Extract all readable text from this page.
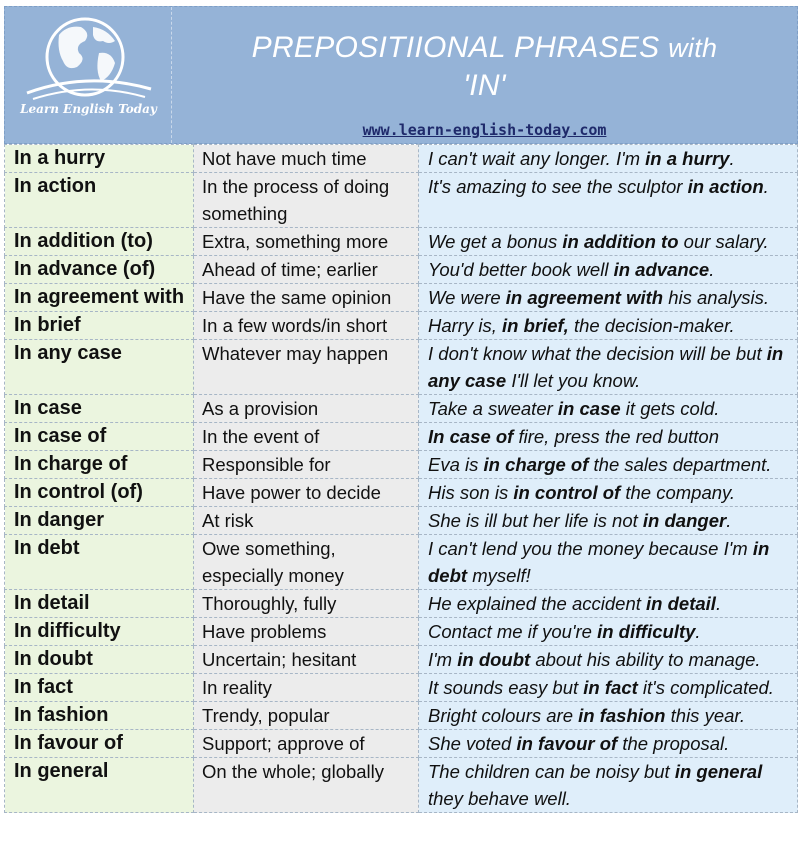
Learn English Today
PREPOSITIIONAL PHRASES with
'IN'
www.learn-english-today.com
In a hurry	Not have much time	I can't wait any longer. I'm in a hurry.
In action	In the process of doing something	It's amazing to see the sculptor in action.
In addition (to)	Extra, something more	We get a bonus in addition to our salary.
In advance (of)	Ahead of time; earlier	You'd better book well in advance.
In agreement with	Have the same opinion	We were in agreement with his analysis.
In brief	In a few words/in short	Harry is, in brief, the decision-maker.
In any case	Whatever may happen	I don't know what the decision will be but in any case I'll let you know.
In case	As a provision	Take a sweater in case it gets cold.
In case of	In the event of	In case of fire, press the red button
In charge of	Responsible for	Eva is in charge of the sales department.
In control (of)	Have power to decide	His son is in control of the company.
In danger	At risk	She is ill but her life is not in danger.
In debt	Owe something, especially money	I can't lend you the money because I'm in debt myself!
In detail	Thoroughly, fully	He explained the accident in detail.
In difficulty	Have problems	Contact me if you're in difficulty.
In doubt	Uncertain; hesitant	I'm in doubt about his ability to manage.
In fact	In reality	It sounds easy but in fact it's complicated.
In fashion	Trendy, popular	Bright colours are in fashion this year.
In favour of	Support; approve of	She voted in favour of the proposal.
In general	On the whole; globally	The children can be noisy but in general they behave well.
